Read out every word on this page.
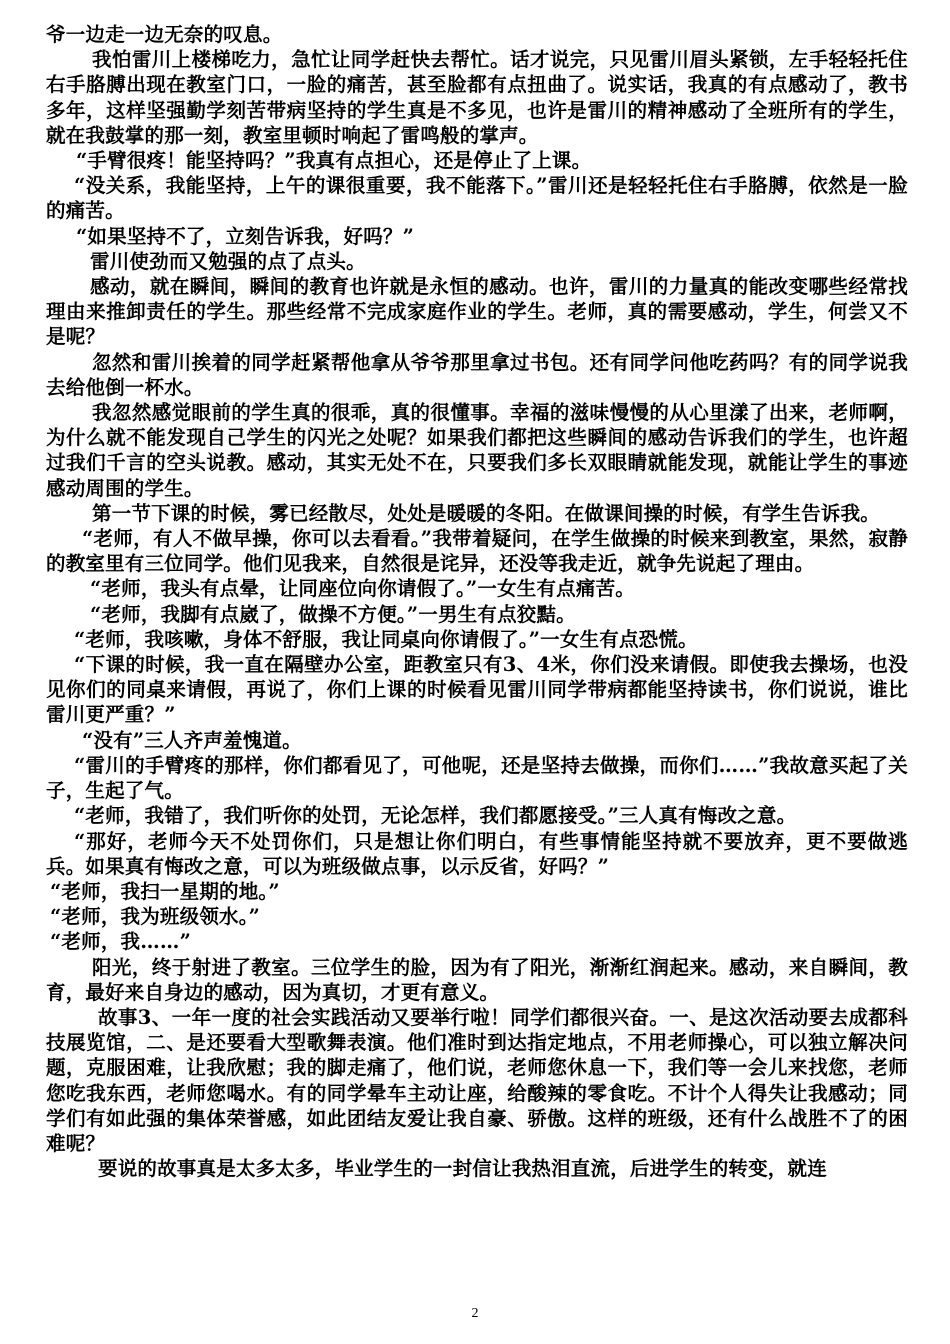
爷一边走一边无奈的叹息。

我怕雷川上楼梯吃力，急忙让同学赶快去帮忙。话才说完，只见雷川眉头紧锁，左手轻轻托住右手胳膊出现在教室门口，一脸的痛苦，甚至脸都有点扭曲了。说实话，我真的有点感动了，教书多年，这样坚强勤学刻苦带病坚持的学生真是不多见，也许是雷川的精神感动了全班所有的学生，就在我鼓掌的那一刻，教室里顿时响起了雷鸣般的掌声。

“手臂很疼！能坚持吗？”我真有点担心，还是停止了上课。

“没关系，我能坚持，上午的课很重要，我不能落下。”雷川还是轻轻托住右手胳膊，依然是一脸的痛苦。

“如果坚持不了，立刻告诉我，好吗？”

雷川使劲而又勉强的点了点头。

感动，就在瞬间，瞬间的教育也许就是永恒的感动。也许，雷川的力量真的能改变哪些经常找理由来推卸责任的学生。那些经常不完成家庭作业的学生。老师，真的需要感动，学生，何尝又不是呢？

忽然和雷川挨着的同学赶紧帮他拿从爷爷那里拿过书包。还有同学问他吃药吗？有的同学说我去给他倒一杯水。

我忽然感觉眼前的学生真的很乖，真的很懂事。幸福的滋味慢慢的从心里漾了出来，老师啊，为什么就不能发现自己学生的闪光之处呢？如果我们都把这些瞬间的感动告诉我们的学生，也许超过我们千言的空头说教。感动，其实无处不在，只要我们多长双眼睛就能发现，就能让学生的事迹感动周围的学生。

第一节下课的时候，雾已经散尽，处处是暖暖的冬阳。在做课间操的时候，有学生告诉我。

“老师，有人不做早操，你可以去看看。”我带着疑问，在学生做操的时候来到教室，果然，寂静的教室里有三位同学。他们见我来，自然很是诧异，还没等我走近，就争先说起了理由。

“老师，我头有点晕，让同座位向你请假了。”一女生有点痛苦。

“老师，我脚有点崴了，做操不方便。”一男生有点狡黠。

“老师，我咳嗽，身体不舒服，我让同桌向你请假了。”一女生有点恐慌。

“下课的时候，我一直在隔壁办公室，距教室只有3、4米，你们没来请假。即使我去操场，也没见你们的同桌来请假，再说了，你们上课的时候看见雷川同学带病都能坚持读书，你们说说，谁比雷川更严重？”

“没有”三人齐声羞愧道。

“雷川的手臂疼的那样，你们都看见了，可他呢，还是坚持去做操，而你们……”我故意买起了关子，生起了气。

“老师，我错了，我们听你的处罚，无论怎样，我们都愿接受。”三人真有悔改之意。

“那好，老师今天不处罚你们，只是想让你们明白，有些事情能坚持就不要放弃，更不要做逃兵。如果真有悔改之意，可以为班级做点事，以示反省，好吗？”

“老师，我扫一星期的地。”

“老师，我为班级领水。”

“老师，我……”

阳光，终于射进了教室。三位学生的脸，因为有了阳光，渐渐红润起来。感动，来自瞬间，教育，最好来自身边的感动，因为真切，才更有意义。

故事3、一年一度的社会实践活动又要举行啦！同学们都很兴奋。一、是这次活动要去成都科技展览馆，二、是还要看大型歌舞表演。他们准时到达指定地点，不用老师操心，可以独立解决问题，克服困难，让我欣慰；我的脚走痛了，他们说，老师您休息一下，我们等一会儿来找您，老师您吃我东西，老师您喝水。有的同学晕车主动让座，给酸辣的零食吃。不计个人得失让我感动；同学们有如此强的集体荣誉感，如此团结友爱让我自豪、骄傲。这样的班级，还有什么战胜不了的困难呢？

要说的故事真是太多太多，毕业学生的一封信让我热泪直流，后进学生的转变，就连

2
